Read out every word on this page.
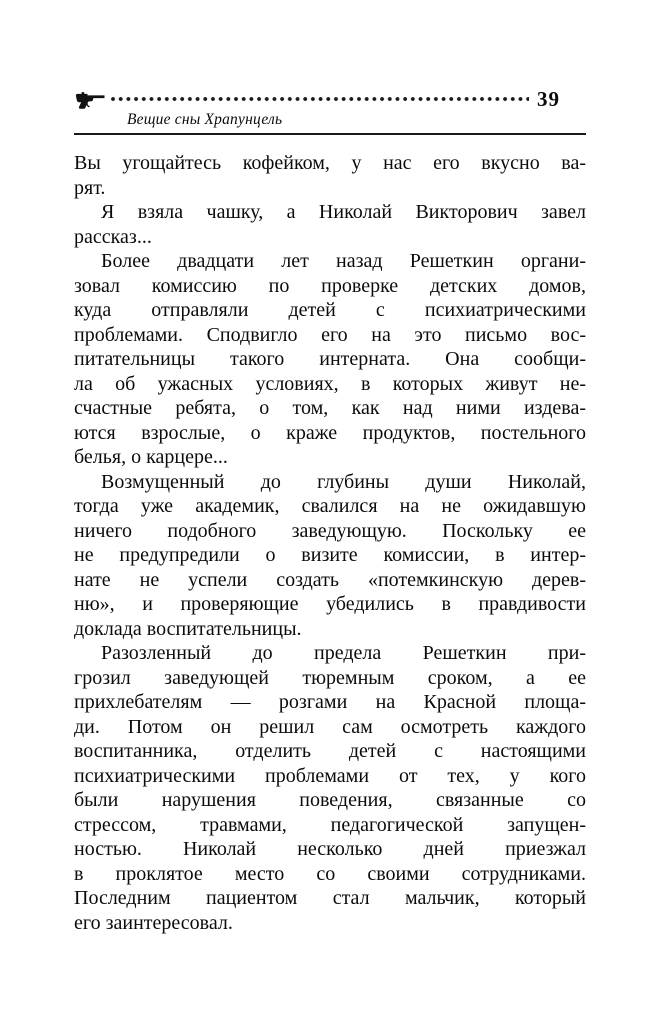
39
Вещие сны Храпунцель
Вы угощайтесь кофейком, у нас его вкусно ва-
рят.
Я взяла чашку, а Николай Викторович завел
рассказ...
Более двадцати лет назад Решеткин органи-
зовал комиссию по проверке детских домов,
куда отправляли детей с психиатрическими
проблемами. Сподвигло его на это письмо вос-
питательницы такого интерната. Она сообщи-
ла об ужасных условиях, в которых живут не-
счастные ребята, о том, как над ними издева-
ются взрослые, о краже продуктов, постельного
белья, о карцере...
Возмущенный до глубины души Николай,
тогда уже академик, свалился на не ожидавшую
ничего подобного заведующую. Поскольку ее
не предупредили о визите комиссии, в интер-
нате не успели создать «потемкинскую дерев-
ню», и проверяющие убедились в правдивости
доклада воспитательницы.
Разозленный до предела Решеткин при-
грозил заведующей тюремным сроком, а ее
прихлебателям — розгами на Красной площа-
ди. Потом он решил сам осмотреть каждого
воспитанника, отделить детей с настоящими
психиатрическими проблемами от тех, у кого
были нарушения поведения, связанные со
стрессом, травмами, педагогической запущен-
ностью. Николай несколько дней приезжал
в проклятое место со своими сотрудниками.
Последним пациентом стал мальчик, который
его заинтересовал.
